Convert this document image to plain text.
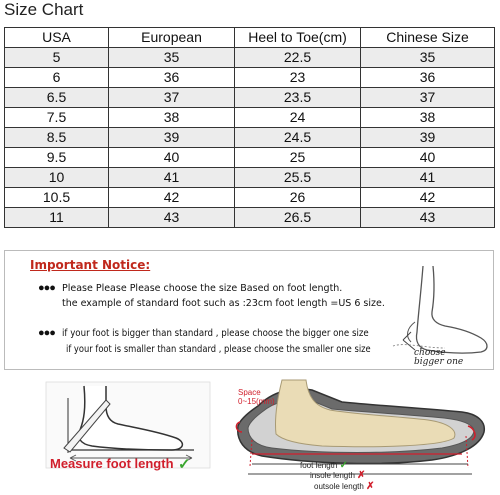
Size Chart
USA	European	Heel to Toe(cm)	Chinese Size
5	35	22.5	35
6	36	23	36
6.5	37	23.5	37
7.5	38	24	38
8.5	39	24.5	39
9.5	40	25	40
10	41	25.5	41
10.5	42	26	42
11	43	26.5	43
Important Notice:
●●● Please Please Please choose the size Based on foot length.
the example of standard foot such as :23cm foot length =US 6 size.
●●● if your foot is bigger than standard , please choose the bigger one size
if your foot is smaller than standard , please choose the smaller one size	choose
bigger one
Measure foot length ✓
Space
0~15(mm)
foot length ✓
insole length ✗
outsole length ✗
